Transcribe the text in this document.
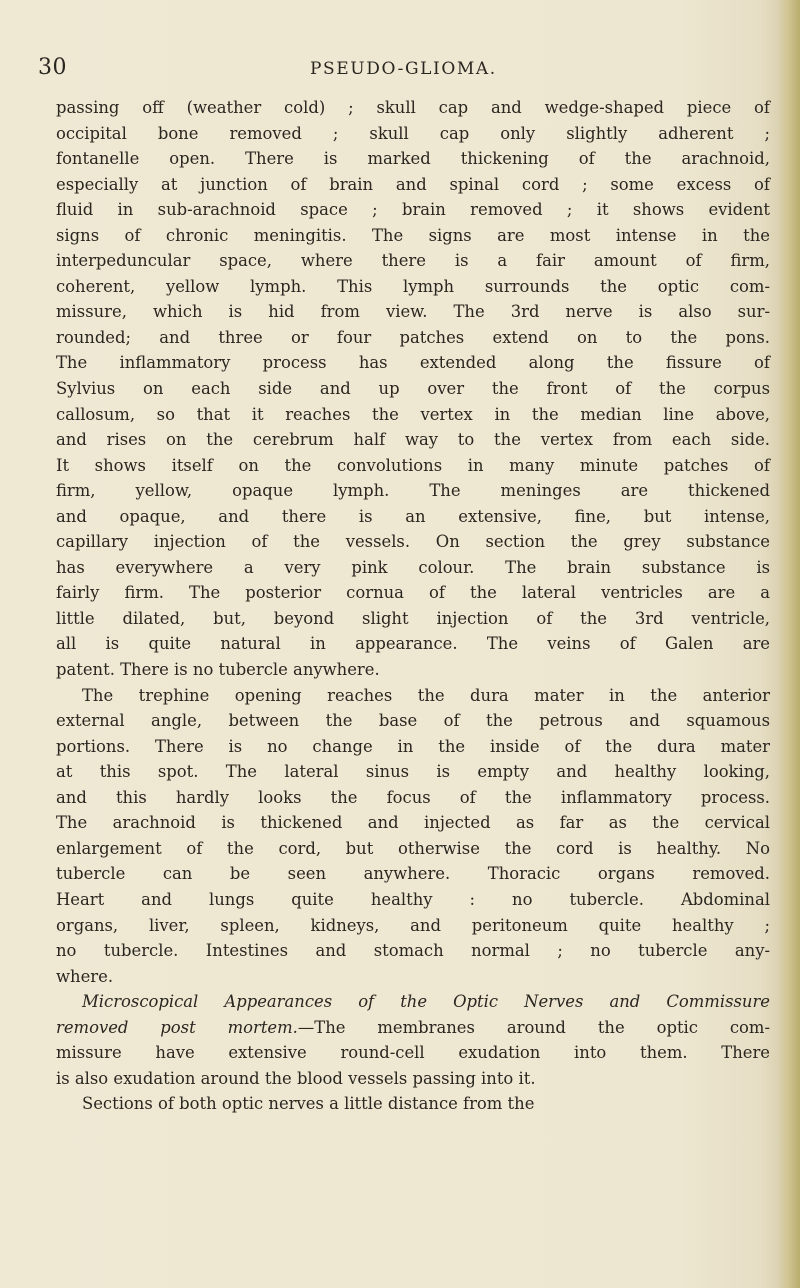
30	PSEUDO-GLIOMA.

passing off (weather cold) ; skull cap and wedge-shaped piece of
occipital bone removed ; skull cap only slightly adherent ;
fontanelle open. There is marked thickening of the arachnoid,
especially at junction of brain and spinal cord ; some excess of
fluid in sub-arachnoid space ; brain removed ; it shows evident
signs of chronic meningitis. The signs are most intense in the
interpeduncular space, where there is a fair amount of firm,
coherent, yellow lymph. This lymph surrounds the optic com-
missure, which is hid from view. The 3rd nerve is also sur-
rounded; and three or four patches extend on to the pons.
The inflammatory process has extended along the fissure of
Sylvius on each side and up over the front of the corpus
callosum, so that it reaches the vertex in the median line above,
and rises on the cerebrum half way to the vertex from each side.
It shows itself on the convolutions in many minute patches of
firm, yellow, opaque lymph. The meninges are thickened
and opaque, and there is an extensive, fine, but intense,
capillary injection of the vessels. On section the grey substance
has everywhere a very pink colour. The brain substance is
fairly firm. The posterior cornua of the lateral ventricles are a
little dilated, but, beyond slight injection of the 3rd ventricle,
all is quite natural in appearance. The veins of Galen are
patent. There is no tubercle anywhere.

The trephine opening reaches the dura mater in the anterior
external angle, between the base of the petrous and squamous
portions. There is no change in the inside of the dura mater
at this spot. The lateral sinus is empty and healthy looking,
and this hardly looks the focus of the inflammatory process.
The arachnoid is thickened and injected as far as the cervical
enlargement of the cord, but otherwise the cord is healthy. No
tubercle can be seen anywhere. Thoracic organs removed.
Heart and lungs quite healthy : no tubercle. Abdominal
organs, liver, spleen, kidneys, and peritoneum quite healthy ;
no tubercle. Intestines and stomach normal ; no tubercle any-
where.

Microscopical Appearances of the Optic Nerves and Commissure
removed post mortem.—The membranes around the optic com-
missure have extensive round-cell exudation into them. There
is also exudation around the blood vessels passing into it.

Sections of both optic nerves a little distance from the
